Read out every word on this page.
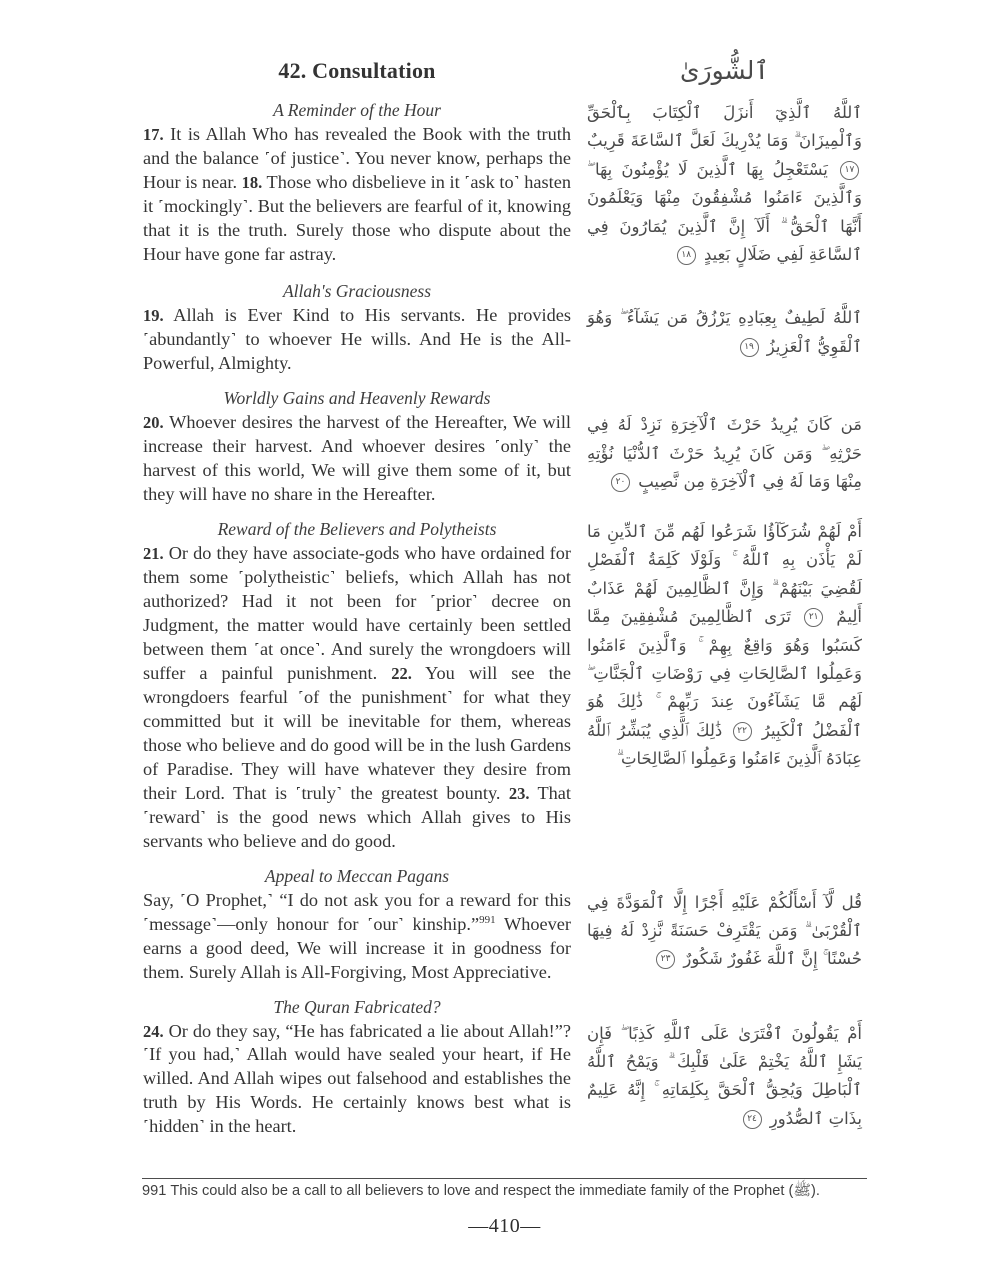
42. Consultation	ٱلشُّورَىٰ
A Reminder of the Hour

17. It is Allah Who has revealed the Book with the truth and the balance ˹of justice˺. You never know, perhaps the Hour is near. 18. Those who disbelieve in it ˹ask to˺ hasten it ˹mockingly˺. But the believers are fearful of it, knowing that it is the truth. Surely those who dispute about the Hour have gone far astray.

ٱللَّهُ ٱلَّذِيٓ أَنزَلَ ٱلْكِتَابَ بِٱلْحَقِّ وَٱلْمِيزَانَ ۗ وَمَا يُدْرِيكَ لَعَلَّ ٱلسَّاعَةَ قَرِيبٌ ١٧ يَسْتَعْجِلُ بِهَا ٱلَّذِينَ لَا يُؤْمِنُونَ بِهَا ۖ وَٱلَّذِينَ ءَامَنُوا مُشْفِقُونَ مِنْهَا وَيَعْلَمُونَ أَنَّهَا ٱلْحَقُّ ۗ أَلَآ إِنَّ ٱلَّذِينَ يُمَارُونَ فِي ٱلسَّاعَةِ لَفِي ضَلَالٍ بَعِيدٍ ١٨

Allah's Graciousness

19. Allah is Ever Kind to His servants. He provides ˹abundantly˺ to whoever He wills. And He is the All-Powerful, Almighty.

ٱللَّهُ لَطِيفٌ بِعِبَادِهِ يَرْزُقُ مَن يَشَآءُ ۖ وَهُوَ ٱلْقَوِيُّ ٱلْعَزِيزُ ١٩

Worldly Gains and Heavenly Rewards

20. Whoever desires the harvest of the Hereafter, We will increase their harvest. And whoever desires ˹only˺ the harvest of this world, We will give them some of it, but they will have no share in the Hereafter.

مَن كَانَ يُرِيدُ حَرْثَ ٱلْآخِرَةِ نَزِدْ لَهُ فِي حَرْثِهِ ۖ وَمَن كَانَ يُرِيدُ حَرْثَ ٱلدُّنْيَا نُؤْتِهِ مِنْهَا وَمَا لَهُ فِي ٱلْآخِرَةِ مِن نَّصِيبٍ ٢٠

Reward of the Believers and Polytheists

21. Or do they have associate-gods who have ordained for them some ˹polytheistic˺ beliefs, which Allah has not authorized? Had it not been for ˹prior˺ decree on Judgment, the matter would have certainly been settled between them ˹at once˺. And surely the wrongdoers will suffer a painful punishment. 22. You will see the wrongdoers fearful ˹of the punishment˺ for what they committed but it will be inevitable for them, whereas those who believe and do good will be in the lush Gardens of Paradise. They will have whatever they desire from their Lord. That is ˹truly˺ the greatest bounty. 23. That ˹reward˺ is the good news which Allah gives to His servants who believe and do good.

أَمْ لَهُمْ شُرَكَآؤُا شَرَعُوا لَهُم مِّنَ ٱلدِّينِ مَا لَمْ يَأْذَن بِهِ ٱللَّهُ ۚ وَلَوْلَا كَلِمَةُ ٱلْفَصْلِ لَقُضِيَ بَيْنَهُمْ ۗ وَإِنَّ ٱلظَّالِمِينَ لَهُمْ عَذَابٌ أَلِيمٌ ٢١ تَرَى ٱلظَّالِمِينَ مُشْفِقِينَ مِمَّا كَسَبُوا وَهُوَ وَاقِعٌ بِهِمْ ۚ وَٱلَّذِينَ ءَامَنُوا وَعَمِلُوا ٱلصَّالِحَاتِ فِي رَوْضَاتِ ٱلْجَنَّاتِ ۖ لَهُم مَّا يَشَآءُونَ عِندَ رَبِّهِمْ ۚ ذَٰلِكَ هُوَ ٱلْفَضْلُ ٱلْكَبِيرُ ٢٢ ذَٰلِكَ ٱلَّذِي يُبَشِّرُ ٱللَّهُ عِبَادَهُ ٱلَّذِينَ ءَامَنُوا وَعَمِلُوا ٱلصَّالِحَاتِ ۗ

Appeal to Meccan Pagans

Say, ˹O Prophet,˺ “I do not ask you for a reward for this ˹message˺—only honour for ˹our˺ kinship.”$^{991}$ Whoever earns a good deed, We will increase it in goodness for them. Surely Allah is All-Forgiving, Most Appreciative.

قُل لَّآ أَسْأَلُكُمْ عَلَيْهِ أَجْرًا إِلَّا ٱلْمَوَدَّةَ فِي ٱلْقُرْبَىٰ ۗ وَمَن يَقْتَرِفْ حَسَنَةً نَّزِدْ لَهُ فِيهَا حُسْنًا ۚ إِنَّ ٱللَّهَ غَفُورٌ شَكُورٌ ٢٣

The Quran Fabricated?

24. Or do they say, “He has fabricated a lie about Allah!”? ˹If you had,˺ Allah would have sealed your heart, if He willed. And Allah wipes out falsehood and establishes the truth by His Words. He certainly knows best what is ˹hidden˺ in the heart.

أَمْ يَقُولُونَ ٱفْتَرَىٰ عَلَى ٱللَّهِ كَذِبًا ۖ فَإِن يَشَإِ ٱللَّهُ يَخْتِمْ عَلَىٰ قَلْبِكَ ۗ وَيَمْحُ ٱللَّهُ ٱلْبَاطِلَ وَيُحِقُّ ٱلْحَقَّ بِكَلِمَاتِهِ ۚ إِنَّهُ عَلِيمٌ بِذَاتِ ٱلصُّدُورِ ٢٤

991 This could also be a call to all believers to love and respect the immediate family of the Prophet (ﷺ).

—410—
